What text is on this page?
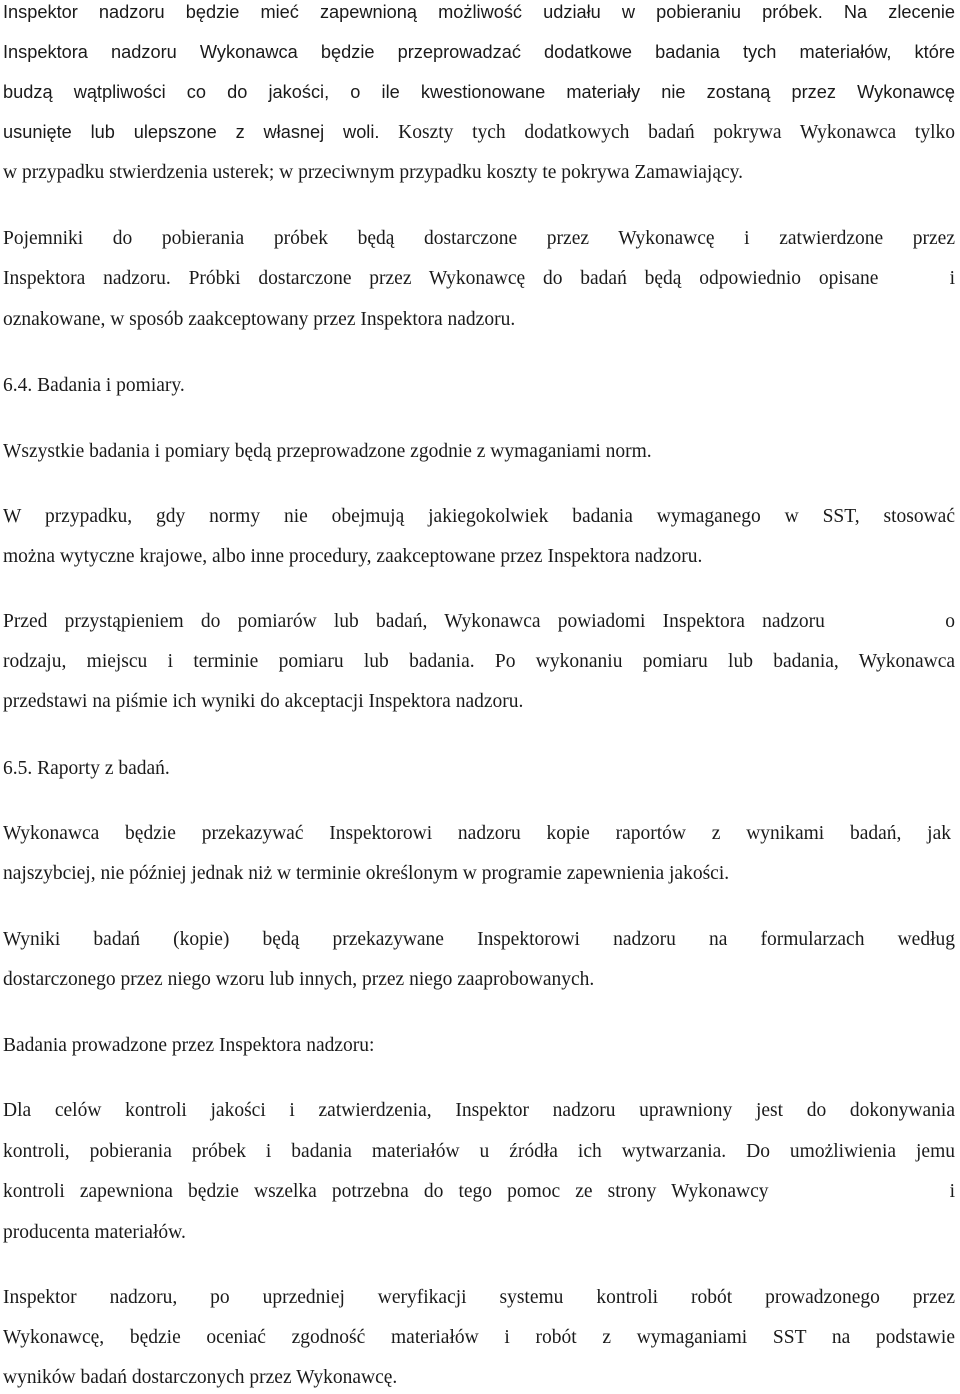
Inspektor nadzoru będzie mieć zapewnioną możliwość udziału w pobieraniu próbek. Na zlecenie
Inspektora nadzoru Wykonawca będzie przeprowadzać dodatkowe badania tych materiałów, które
budzą wątpliwości co do jakości, o ile kwestionowane materiały nie zostaną przez Wykonawcę
usunięte lub ulepszone z własnej woli. Koszty tych dodatkowych badań pokrywa Wykonawca tylko
w przypadku stwierdzenia usterek; w przeciwnym przypadku koszty te pokrywa Zamawiający.
Pojemniki do pobierania próbek będą dostarczone przez Wykonawcę i zatwierdzone przez
Inspektora nadzoru. Próbki dostarczone przez Wykonawcę do badań będą odpowiednio opisane    i
oznakowane, w sposób zaakceptowany przez Inspektora nadzoru.
6.4. Badania i pomiary.
Wszystkie badania i pomiary będą przeprowadzone zgodnie z wymaganiami norm.
W przypadku, gdy normy nie obejmują jakiegokolwiek badania wymaganego w SST, stosować
można wytyczne krajowe, albo inne procedury, zaakceptowane przez Inspektora nadzoru.
Przed przystąpieniem do pomiarów lub badań, Wykonawca powiadomi Inspektora nadzoru       o
rodzaju, miejscu i terminie pomiaru lub badania. Po wykonaniu pomiaru lub badania, Wykonawca
przedstawi na piśmie ich wyniki do akceptacji Inspektora nadzoru.
6.5. Raporty z badań.
Wykonawca będzie przekazywać Inspektorowi nadzoru kopie raportów z wynikami badań, jak
najszybciej, nie później jednak niż w terminie określonym w programie zapewnienia jakości.
Wyniki badań (kopie) będą przekazywane Inspektorowi nadzoru na formularzach według
dostarczonego przez niego wzoru lub innych, przez niego zaaprobowanych.
Badania prowadzone przez Inspektora nadzoru:
Dla celów kontroli jakości i zatwierdzenia, Inspektor nadzoru uprawniony jest do dokonywania
kontroli, pobierania próbek i badania materiałów u źródła ich wytwarzania. Do umożliwienia jemu
kontroli zapewniona będzie wszelka potrzebna do tego pomoc ze strony Wykonawcy            i
producenta materiałów.
Inspektor nadzoru, po uprzedniej weryfikacji systemu kontroli robót prowadzonego przez
Wykonawcę, będzie oceniać zgodność materiałów i robót z wymaganiami SST na podstawie
wyników badań dostarczonych przez Wykonawcę.
